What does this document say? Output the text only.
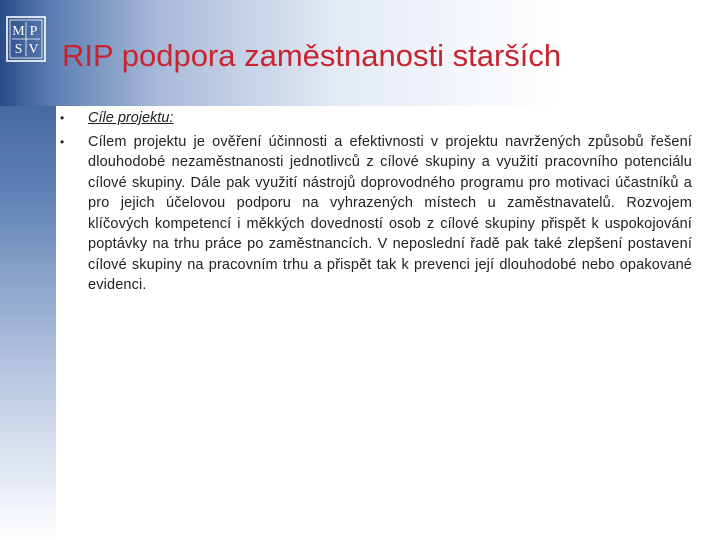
M P
S V RIP podpora zaměstnanosti starších
• Cíle projektu:
• Cílem projektu je ověření účinnosti a efektivnosti v projektu navržených způsobů řešení dlouhodobé nezaměstnanosti jednotlivců z cílové skupiny a využití pracovního potenciálu cílové skupiny. Dále pak využití nástrojů doprovodného programu pro motivaci účastníků a pro jejich účelovou podporu na vyhrazených místech u zaměstnavatelů. Rozvojem klíčových kompetencí i měkkých dovedností osob z cílové skupiny přispět k uspokojování poptávky na trhu práce po zaměstnancích. V neposlední řadě pak také zlepšení postavení cílové skupiny na pracovním trhu a přispět tak k prevenci její dlouhodobé nebo opakované evidenci.
